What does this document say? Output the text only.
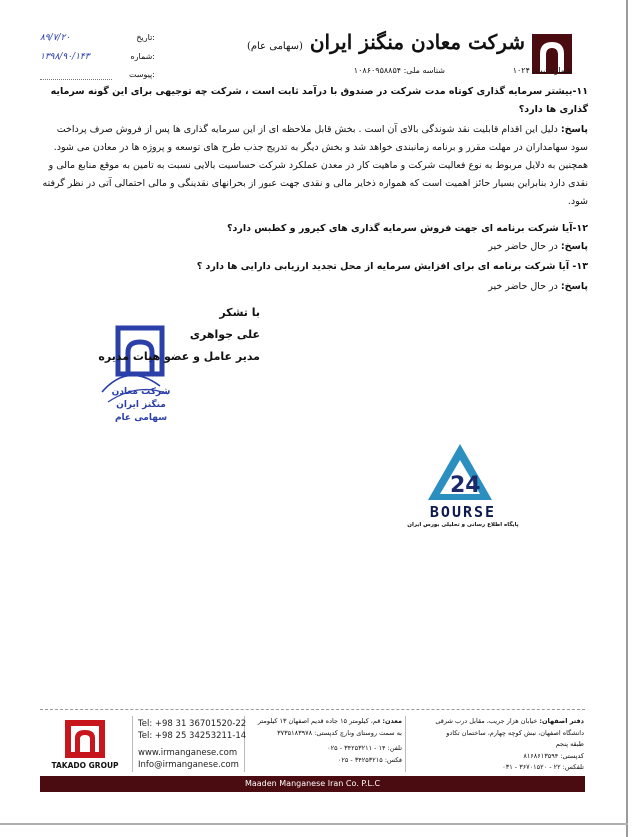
شرکت معادن منگنز ایران (سهامی عام)
شماره ثبت: ۱۰۲۴
شناسه ملی: ۱۰۸۶۰۹۵۸۸۵۴
۸۹/۷/۲۰	تاریخ:
۱۳۹۸/۹۰/۱۴۳	شماره:
پیوست:
۱۱-بیشتر سرمایه گذاری کوتاه مدت شرکت در صندوق با درآمد ثابت است ، شرکت چه توجیهی برای این گونه سرمایه گذاری ها دارد؟
پاسخ: دلیل این اقدام قابلیت نقد شوندگی بالای آن است . بخش قابل ملاحظه ای از این سرمایه گذاری ها پس از فروش صرف پرداخت سود سهامداران در مهلت مقرر و برنامه زمانبندی خواهد شد و بخش دیگر به تدریج جذب طرح های توسعه و پروژه ها در معادن می شود. همچنین به دلایل مربوط به نوع فعالیت شرکت و ماهیت کار در معدن عملکرد شرکت حساسیت بالایی نسبت به تامین به موقع منابع مالی و نقدی دارد بنابراین بسیار حائز اهمیت است که همواره ذخایر مالی و نقدی جهت عبور از بحرانهای نقدینگی و مالی احتمالی آتی در نظر گرفته شود.
۱۲-آیا شرکت برنامه ای جهت فروش سرمایه گذاری های کیرور و کطبس دارد؟
پاسخ: در حال حاضر خیر
۱۳- آیا شرکت برنامه ای برای افزایش سرمایه از محل تجدید ارزیابی دارایی ها دارد ؟
پاسخ: در حال حاضر خیر
شرکت معادن منگنز ایران
سهامی عام
با تشکر
علی جواهری
مدیر عامل و عضو هیات مدیره
24
BOURSE
پایگاه اطلاع رسانی و تحلیلی بورس ایران
TAKADO GROUP
Tel: +98 31 36701520-22
Tel: +98 25 34253211-14
www.irmanganese.com
Info@irmanganese.com
معدن: قم، کیلومتر ۱۵ جاده قدیم اصفهان ۱۳ کیلومتر
به سمت روستای ونارچ کدپستی: ۳۷۳۵۱۸۳۹۷۸
تلفن: ۱۴ - ۳۴۲۵۳۲۱۱ - ۰۲۵
فکس: ۳۴۲۵۳۲۱۵ - ۰۲۵
دفتر اصفهان: خیابان هزار جریب، مقابل درب شرقی
دانشگاه اصفهان، نبش کوچه چهارم، ساختمان تکادو
طبقه پنجم
کدپستی: ۸۱۶۸۶۱۳۵۹۴
تلفکس: ۲۲ - ۳۶۷۰۱۵۲۰ - ۰۳۱
Maaden Manganese Iran Co. P.L.C
